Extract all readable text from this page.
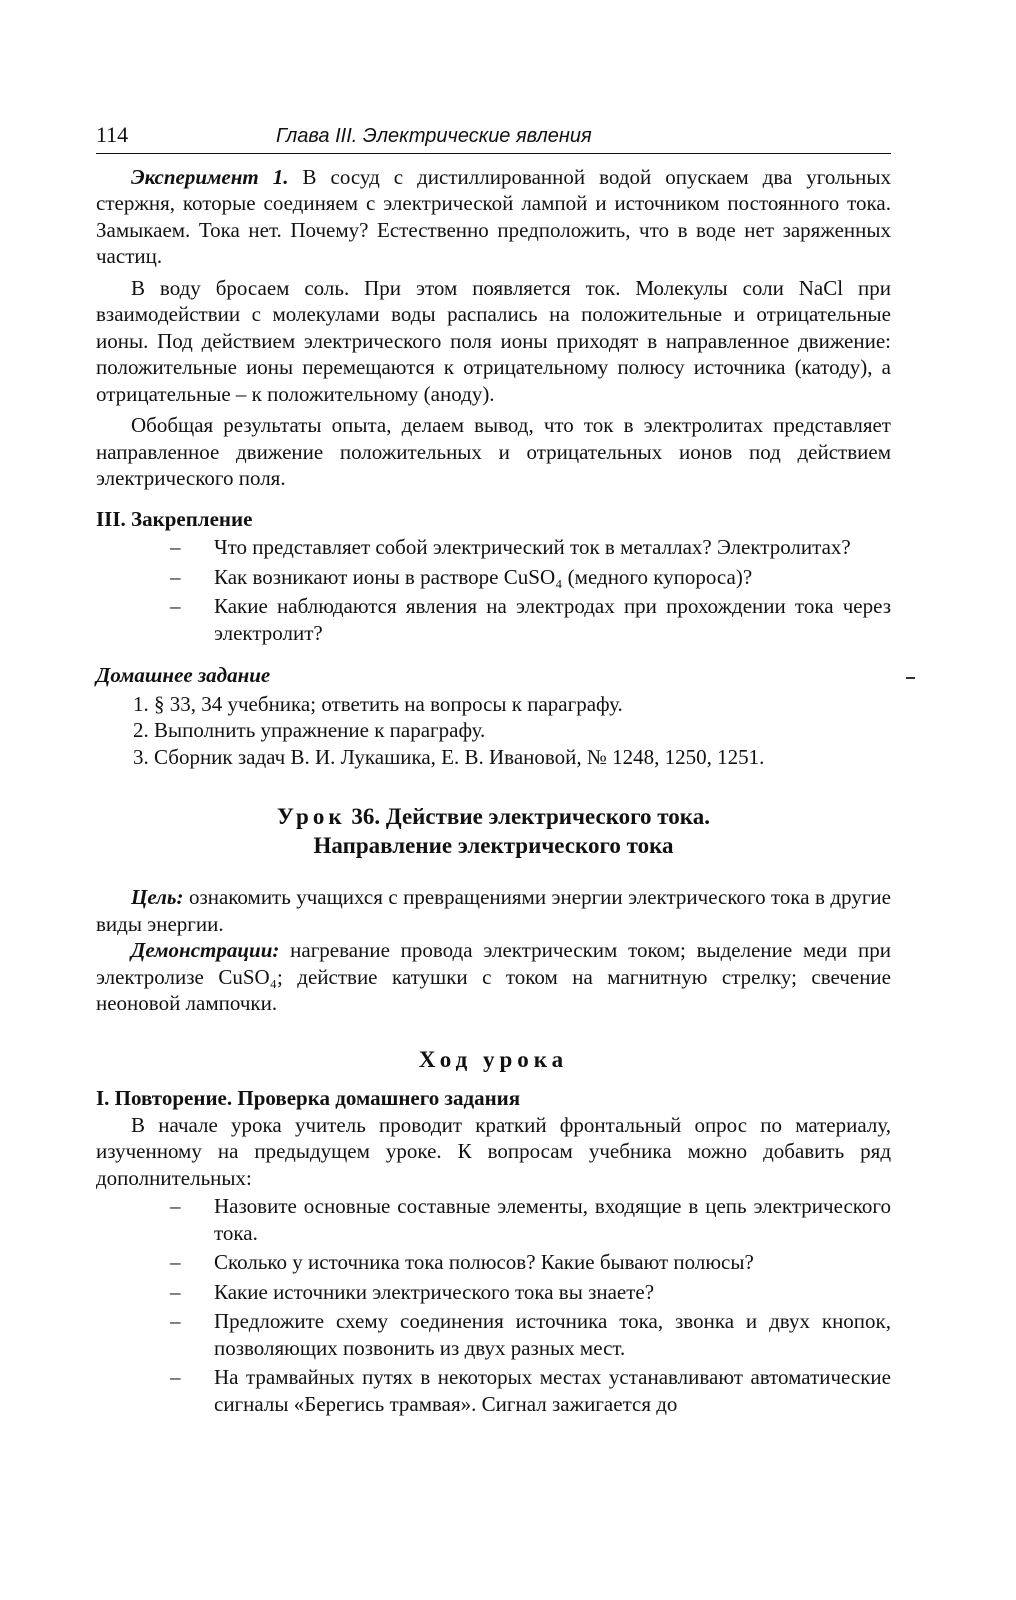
114	Глава III. Электрические явления

Эксперимент 1. В сосуд с дистиллированной водой опускаем два угольных стержня, которые соединяем с электрической лампой и источником постоянного тока. Замыкаем. Тока нет. Почему? Естественно предположить, что в воде нет заряженных частиц.

В воду бросаем соль. При этом появляется ток. Молекулы соли NaCl при взаимодействии с молекулами воды распались на положительные и отрицательные ионы. Под действием электрического поля ионы приходят в направленное движение: положительные ионы перемещаются к отрицательному полюсу источника (катоду), а отрицательные – к положительному (аноду).

Обобщая результаты опыта, делаем вывод, что ток в электролитах представляет направленное движение положительных и отрицательных ионов под действием электрического поля.

III. Закрепление
– Что представляет собой электрический ток в металлах? Электролитах?
– Как возникают ионы в растворе CuSO₄ (медного купороса)?
– Какие наблюдаются явления на электродах при прохождении тока через электролит?
Домашнее задание
1. § 33, 34 учебника; ответить на вопросы к параграфу.
2. Выполнить упражнение к параграфу.
3. Сборник задач В. И. Лукашика, Е. В. Ивановой, № 1248, 1250, 1251.
Урок 36. Действие электрического тока.
Направление электрического тока

Цель: ознакомить учащихся с превращениями энергии электрического тока в другие виды энергии.

Демонстрации: нагревание провода электрическим током; выделение меди при электролизе CuSO₄; действие катушки с током на магнитную стрелку; свечение неоновой лампочки.

Ход урока
I. Повторение. Проверка домашнего задания

В начале урока учитель проводит краткий фронтальный опрос по материалу, изученному на предыдущем уроке. К вопросам учебника можно добавить ряд дополнительных:

– Назовите основные составные элементы, входящие в цепь электрического тока.
– Сколько у источника тока полюсов? Какие бывают полюсы?
– Какие источники электрического тока вы знаете?
– Предложите схему соединения источника тока, звонка и двух кнопок, позволяющих позвонить из двух разных мест.
– На трамвайных путях в некоторых местах устанавливают автоматические сигналы «Берегись трамвая». Сигнал зажигается до
